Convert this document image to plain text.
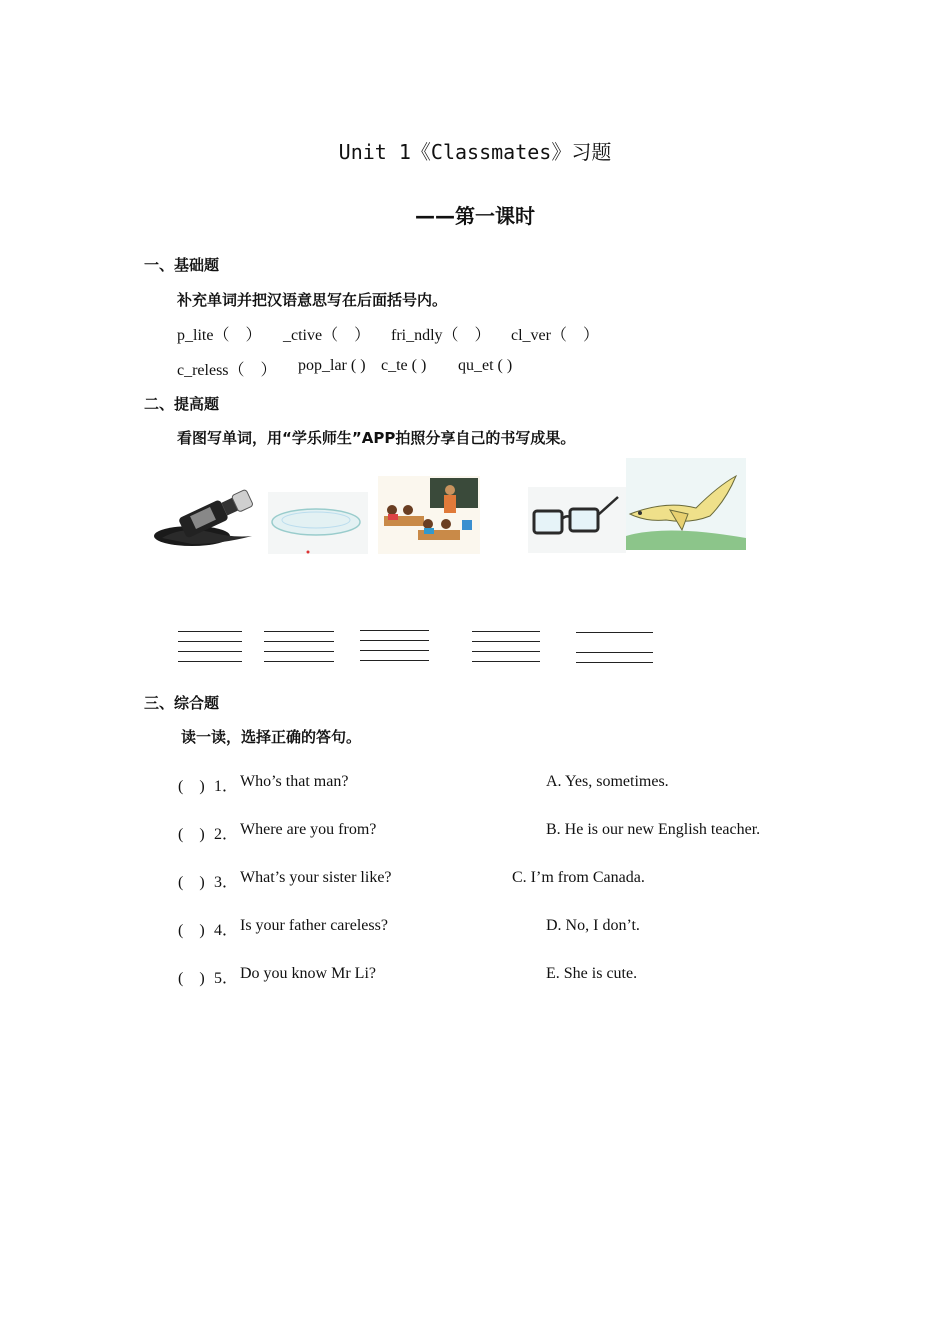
Unit 1《Classmates》习题
——第一课时
一、基础题
补充单词并把汉语意思写在后面括号内。
p_lite（　） _ctive（　） fri_ndly（　） cl_ver（　）
c_reless（　） pop_lar ( ) c_te ( ) qu_et ( )
二、提高题
看图写单词，用“学乐师生”APP拍照分享自己的书写成果。
三、综合题
读一读，选择正确的答句。
(　) 1． Who’s that man?	A. Yes, sometimes.
(　) 2． Where are you from?	B. He is our new English teacher.
(　) 3． What’s your sister like?	C. I’m from Canada.
(　) 4． Is your father careless?	D. No, I don’t.
(　) 5． Do you know Mr Li?	E. She is cute.
